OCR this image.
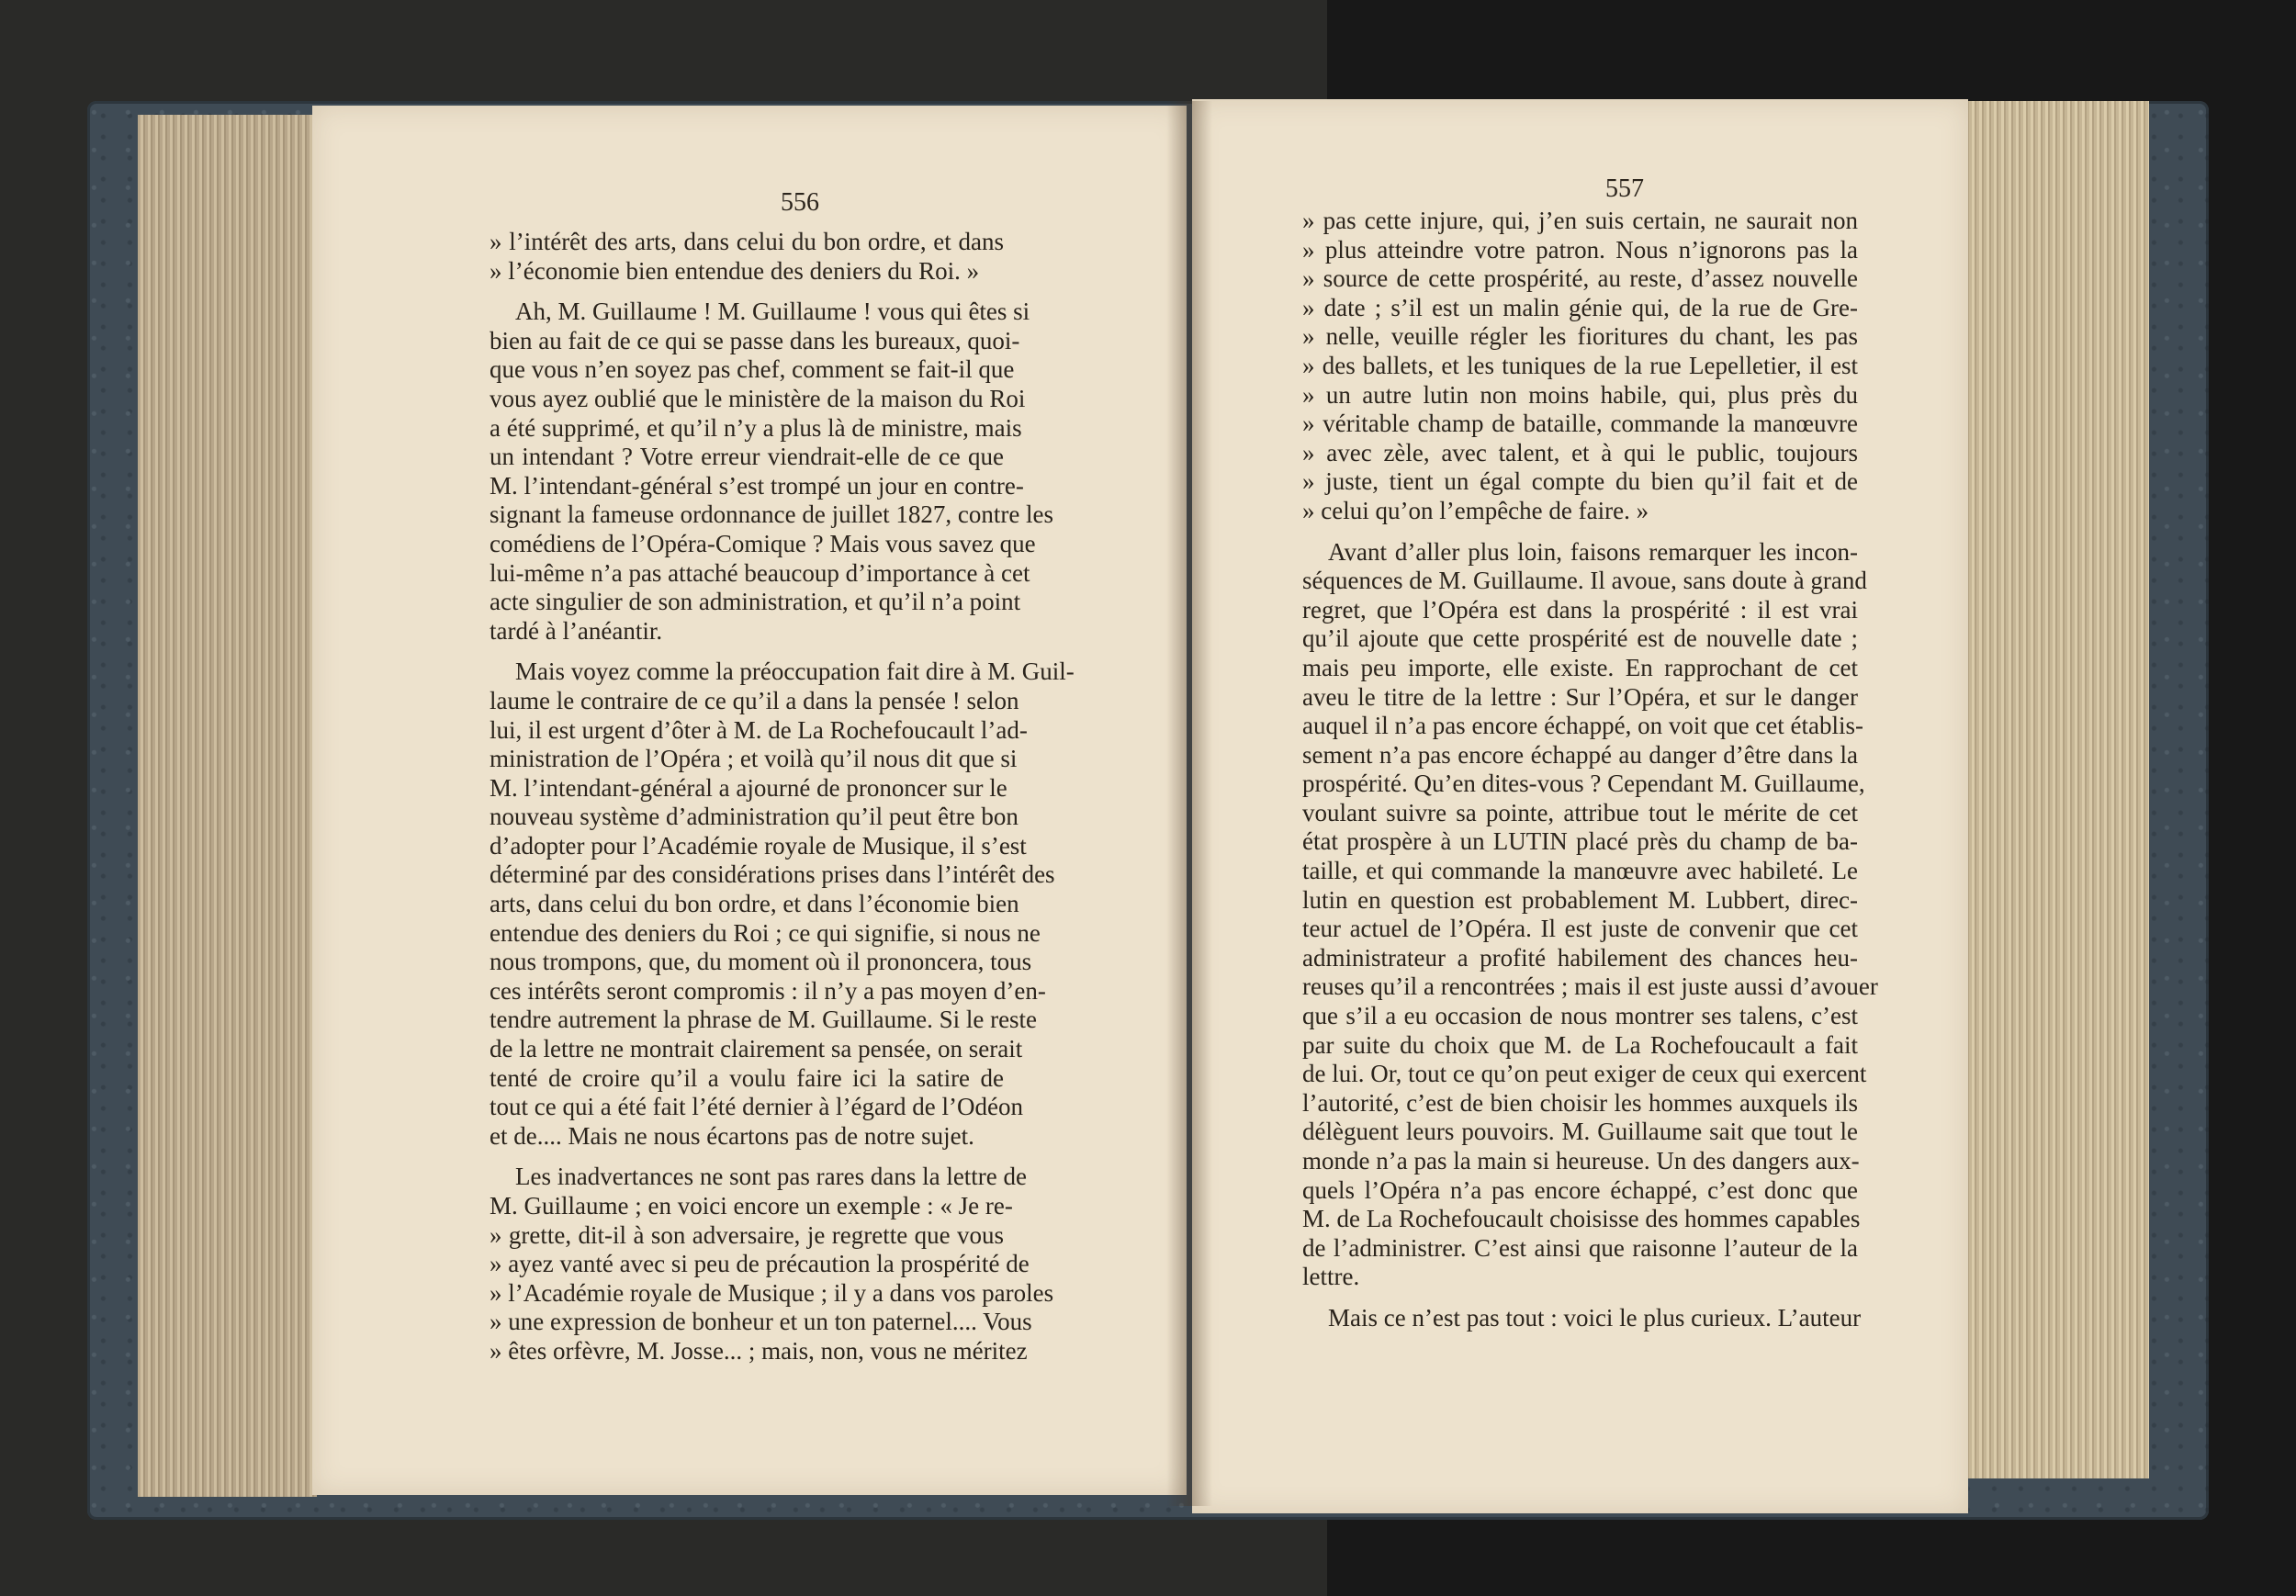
556
» l’intérêt des arts, dans celui du bon ordre, et dans
» l’économie bien entendue des deniers du Roi. »
Ah, M. Guillaume ! M. Guillaume ! vous qui êtes si
bien au fait de ce qui se passe dans les bureaux, quoi-
que vous n’en soyez pas chef, comment se fait-il que
vous ayez oublié que le ministère de la maison du Roi
a été supprimé, et qu’il n’y a plus là de ministre, mais
un intendant ? Votre erreur viendrait-elle de ce que
M. l’intendant-général s’est trompé un jour en contre-
signant la fameuse ordonnance de juillet 1827, contre les
comédiens de l’Opéra-Comique ? Mais vous savez que
lui-même n’a pas attaché beaucoup d’importance à cet
acte singulier de son administration, et qu’il n’a point
tardé à l’anéantir.
Mais voyez comme la préoccupation fait dire à M. Guil-
laume le contraire de ce qu’il a dans la pensée ! selon
lui, il est urgent d’ôter à M. de La Rochefoucault l’ad-
ministration de l’Opéra ; et voilà qu’il nous dit que si
M. l’intendant-général a ajourné de prononcer sur le
nouveau système d’administration qu’il peut être bon
d’adopter pour l’Académie royale de Musique, il s’est
déterminé par des considérations prises dans l’intérêt des
arts, dans celui du bon ordre, et dans l’économie bien
entendue des deniers du Roi ; ce qui signifie, si nous ne
nous trompons, que, du moment où il prononcera, tous
ces intérêts seront compromis : il n’y a pas moyen d’en-
tendre autrement la phrase de M. Guillaume. Si le reste
de la lettre ne montrait clairement sa pensée, on serait
tenté de croire qu’il a voulu faire ici la satire de
tout ce qui a été fait l’été dernier à l’égard de l’Odéon
et de.... Mais ne nous écartons pas de notre sujet.
Les inadvertances ne sont pas rares dans la lettre de
M. Guillaume ; en voici encore un exemple : « Je re-
» grette, dit-il à son adversaire, je regrette que vous
» ayez vanté avec si peu de précaution la prospérité de
» l’Académie royale de Musique ; il y a dans vos paroles
» une expression de bonheur et un ton paternel.... Vous
» êtes orfèvre, M. Josse... ; mais, non, vous ne méritez
557
» pas cette injure, qui, j’en suis certain, ne saurait non
» plus atteindre votre patron. Nous n’ignorons pas la
» source de cette prospérité, au reste, d’assez nouvelle
» date ; s’il est un malin génie qui, de la rue de Gre-
» nelle, veuille régler les fioritures du chant, les pas
» des ballets, et les tuniques de la rue Lepelletier, il est
» un autre lutin non moins habile, qui, plus près du
» véritable champ de bataille, commande la manœuvre
» avec zèle, avec talent, et à qui le public, toujours
» juste, tient un égal compte du bien qu’il fait et de
» celui qu’on l’empêche de faire. »
Avant d’aller plus loin, faisons remarquer les incon-
séquences de M. Guillaume. Il avoue, sans doute à grand
regret, que l’Opéra est dans la prospérité : il est vrai
qu’il ajoute que cette prospérité est de nouvelle date ;
mais peu importe, elle existe. En rapprochant de cet
aveu le titre de la lettre : Sur l’Opéra, et sur le danger
auquel il n’a pas encore échappé, on voit que cet établis-
sement n’a pas encore échappé au danger d’être dans la
prospérité. Qu’en dites-vous ? Cependant M. Guillaume,
voulant suivre sa pointe, attribue tout le mérite de cet
état prospère à un LUTIN placé près du champ de ba-
taille, et qui commande la manœuvre avec habileté. Le
lutin en question est probablement M. Lubbert, direc-
teur actuel de l’Opéra. Il est juste de convenir que cet
administrateur a profité habilement des chances heu-
reuses qu’il a rencontrées ; mais il est juste aussi d’avouer
que s’il a eu occasion de nous montrer ses talens, c’est
par suite du choix que M. de La Rochefoucault a fait
de lui. Or, tout ce qu’on peut exiger de ceux qui exercent
l’autorité, c’est de bien choisir les hommes auxquels ils
délèguent leurs pouvoirs. M. Guillaume sait que tout le
monde n’a pas la main si heureuse. Un des dangers aux-
quels l’Opéra n’a pas encore échappé, c’est donc que
M. de La Rochefoucault choisisse des hommes capables
de l’administrer. C’est ainsi que raisonne l’auteur de la
lettre.
Mais ce n’est pas tout : voici le plus curieux. L’auteur
